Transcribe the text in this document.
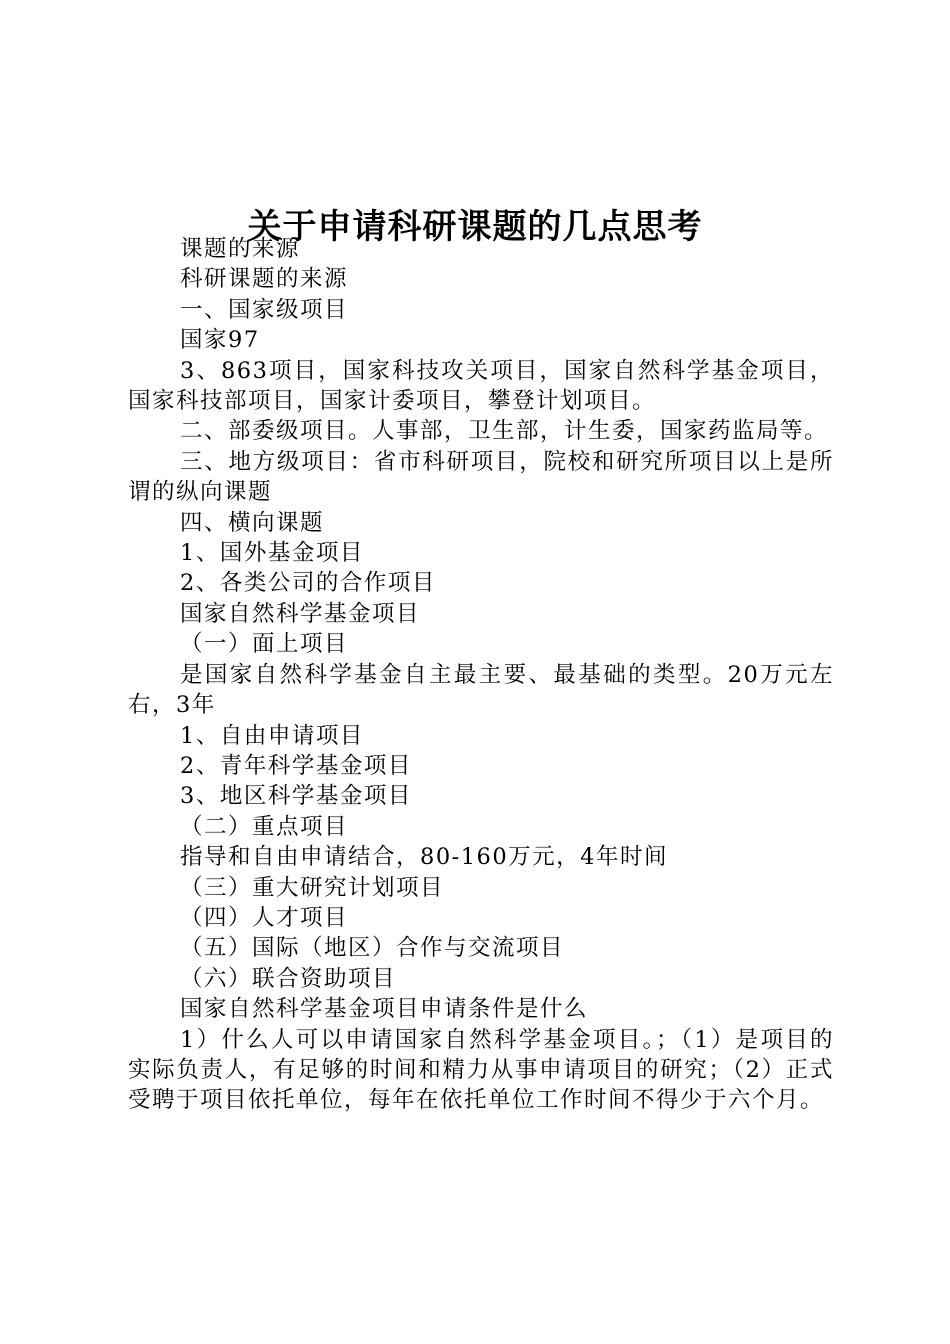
关于申请科研课题的几点思考

课题的来源

科研课题的来源

一、国家级项目

国家97

3、863项目，国家科技攻关项目，国家自然科学基金项目，国家科技部项目，国家计委项目，攀登计划项目。

二、部委级项目。人事部，卫生部，计生委，国家药监局等。

三、地方级项目：省市科研项目，院校和研究所项目以上是所谓的纵向课题

四、横向课题

1、国外基金项目

2、各类公司的合作项目

国家自然科学基金项目

（一）面上项目

是国家自然科学基金自主最主要、最基础的类型。20万元左右，3年

1、自由申请项目

2、青年科学基金项目

3、地区科学基金项目

（二）重点项目

指导和自由申请结合，80-160万元，4年时间

（三）重大研究计划项目

（四）人才项目

（五）国际（地区）合作与交流项目

（六）联合资助项目

国家自然科学基金项目申请条件是什么

1）什么人可以申请国家自然科学基金项目。；（1）是项目的实际负责人，有足够的时间和精力从事申请项目的研究；（2）正式受聘于项目依托单位，每年在依托单位工作时间不得少于六个月。
